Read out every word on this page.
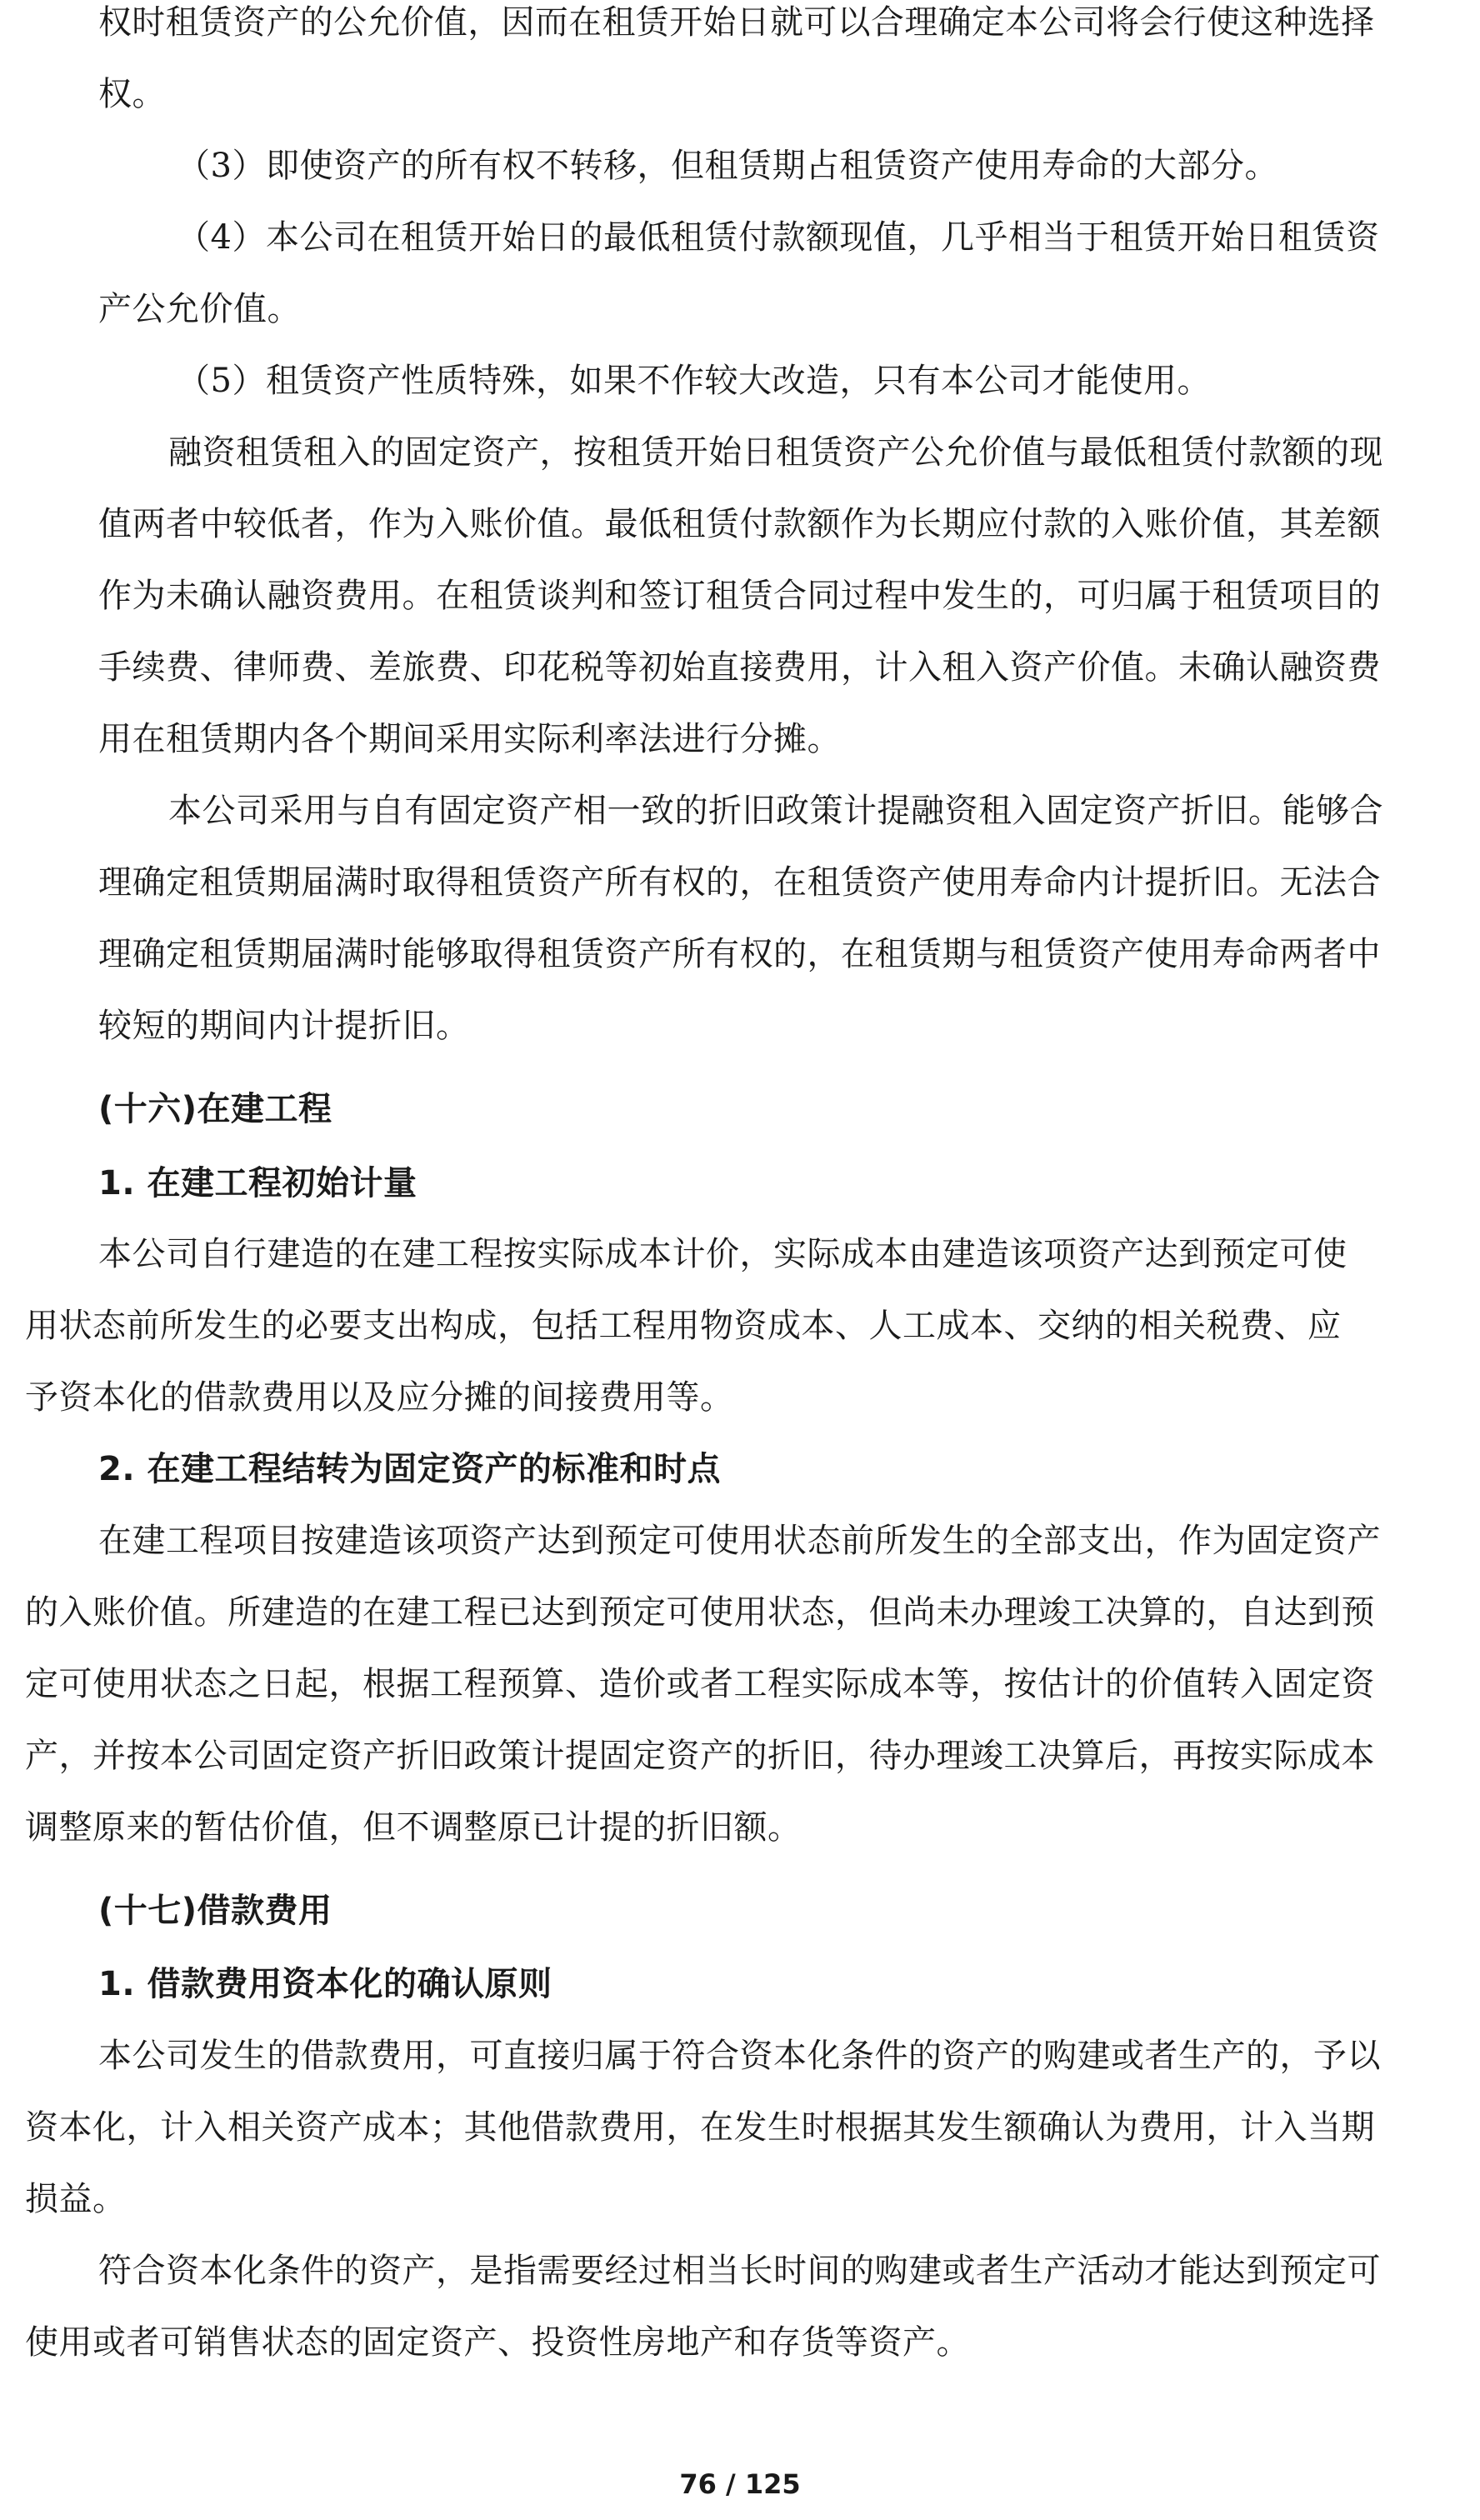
权时租赁资产的公允价值，因而在租赁开始日就可以合理确定本公司将会行使这种选择
权。
（3）即使资产的所有权不转移，但租赁期占租赁资产使用寿命的大部分。
（4）本公司在租赁开始日的最低租赁付款额现值，几乎相当于租赁开始日租赁资
产公允价值。
（5）租赁资产性质特殊，如果不作较大改造，只有本公司才能使用。
融资租赁租入的固定资产，按租赁开始日租赁资产公允价值与最低租赁付款额的现
值两者中较低者，作为入账价值。最低租赁付款额作为长期应付款的入账价值，其差额
作为未确认融资费用。在租赁谈判和签订租赁合同过程中发生的，可归属于租赁项目的
手续费、律师费、差旅费、印花税等初始直接费用，计入租入资产价值。未确认融资费
用在租赁期内各个期间采用实际利率法进行分摊。
本公司采用与自有固定资产相一致的折旧政策计提融资租入固定资产折旧。能够合
理确定租赁期届满时取得租赁资产所有权的，在租赁资产使用寿命内计提折旧。无法合
理确定租赁期届满时能够取得租赁资产所有权的，在租赁期与租赁资产使用寿命两者中
较短的期间内计提折旧。
(十六)在建工程
1. 在建工程初始计量
本公司自行建造的在建工程按实际成本计价，实际成本由建造该项资产达到预定可使
用状态前所发生的必要支出构成，包括工程用物资成本、人工成本、交纳的相关税费、应
予资本化的借款费用以及应分摊的间接费用等。
2. 在建工程结转为固定资产的标准和时点
在建工程项目按建造该项资产达到预定可使用状态前所发生的全部支出，作为固定资产
的入账价值。所建造的在建工程已达到预定可使用状态，但尚未办理竣工决算的，自达到预
定可使用状态之日起，根据工程预算、造价或者工程实际成本等，按估计的价值转入固定资
产，并按本公司固定资产折旧政策计提固定资产的折旧，待办理竣工决算后，再按实际成本
调整原来的暂估价值，但不调整原已计提的折旧额。
(十七)借款费用
1. 借款费用资本化的确认原则
本公司发生的借款费用，可直接归属于符合资本化条件的资产的购建或者生产的，予以
资本化，计入相关资产成本；其他借款费用，在发生时根据其发生额确认为费用，计入当期
损益。
符合资本化条件的资产，是指需要经过相当长时间的购建或者生产活动才能达到预定可
使用或者可销售状态的固定资产、投资性房地产和存货等资产。
76 / 125
